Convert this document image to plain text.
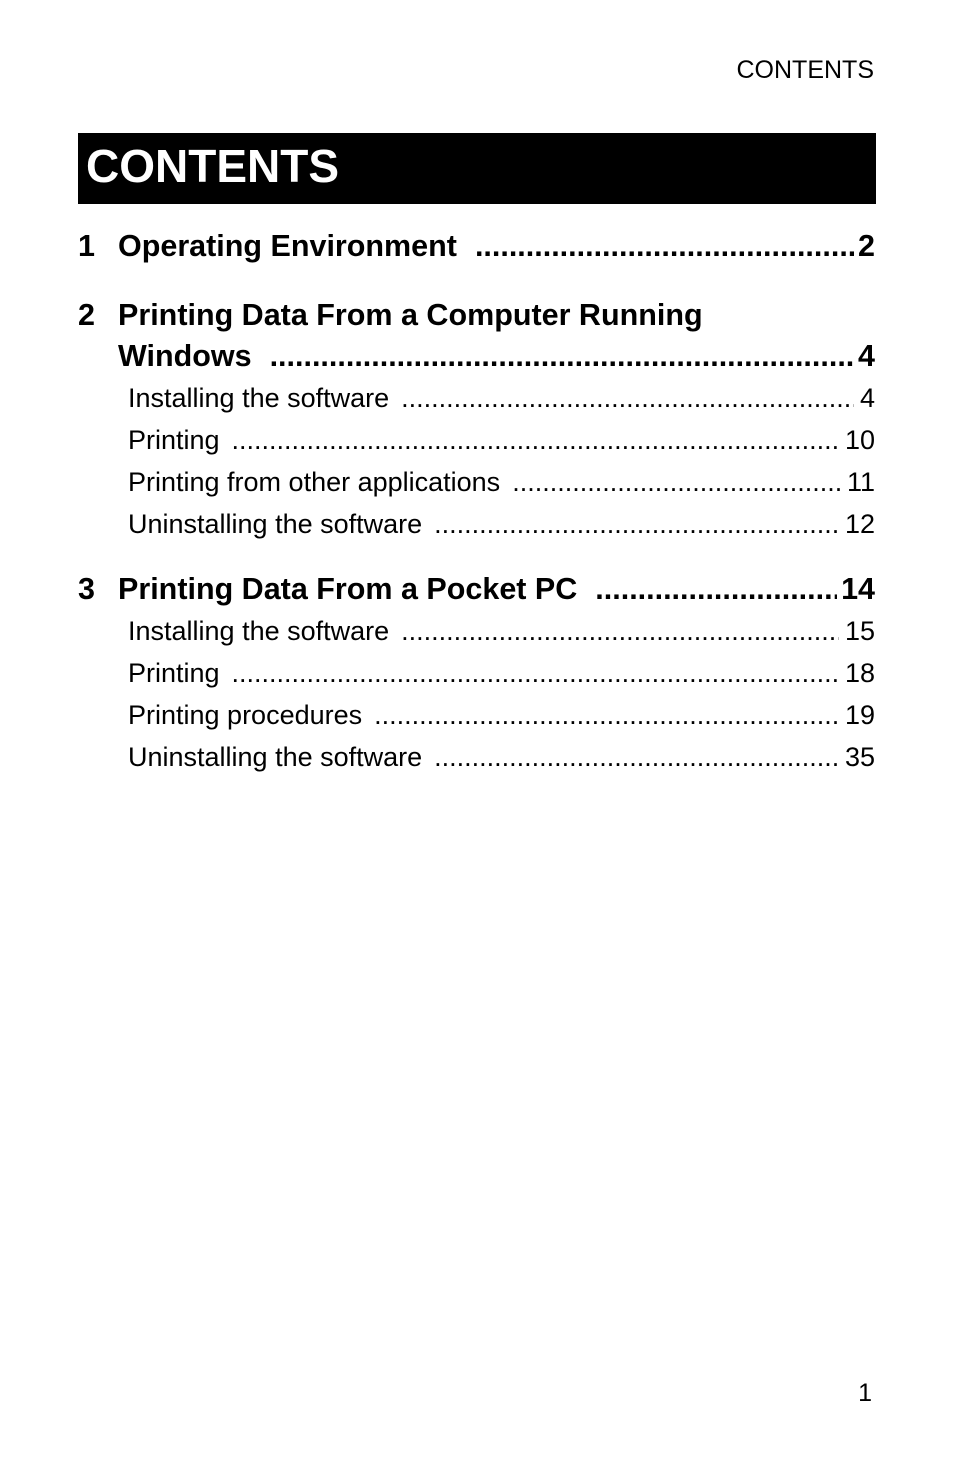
CONTENTS
CONTENTS
1 Operating Environment .....	2
2 Printing Data From a Computer Running
Windows .....	4
Installing the software .....	4
Printing .....	10
Printing from other applications .....	11
Uninstalling the software .....	12
3 Printing Data From a Pocket PC .....	14
Installing the software .....	15
Printing .....	18
Printing procedures .....	19
Uninstalling the software .....	35
1
